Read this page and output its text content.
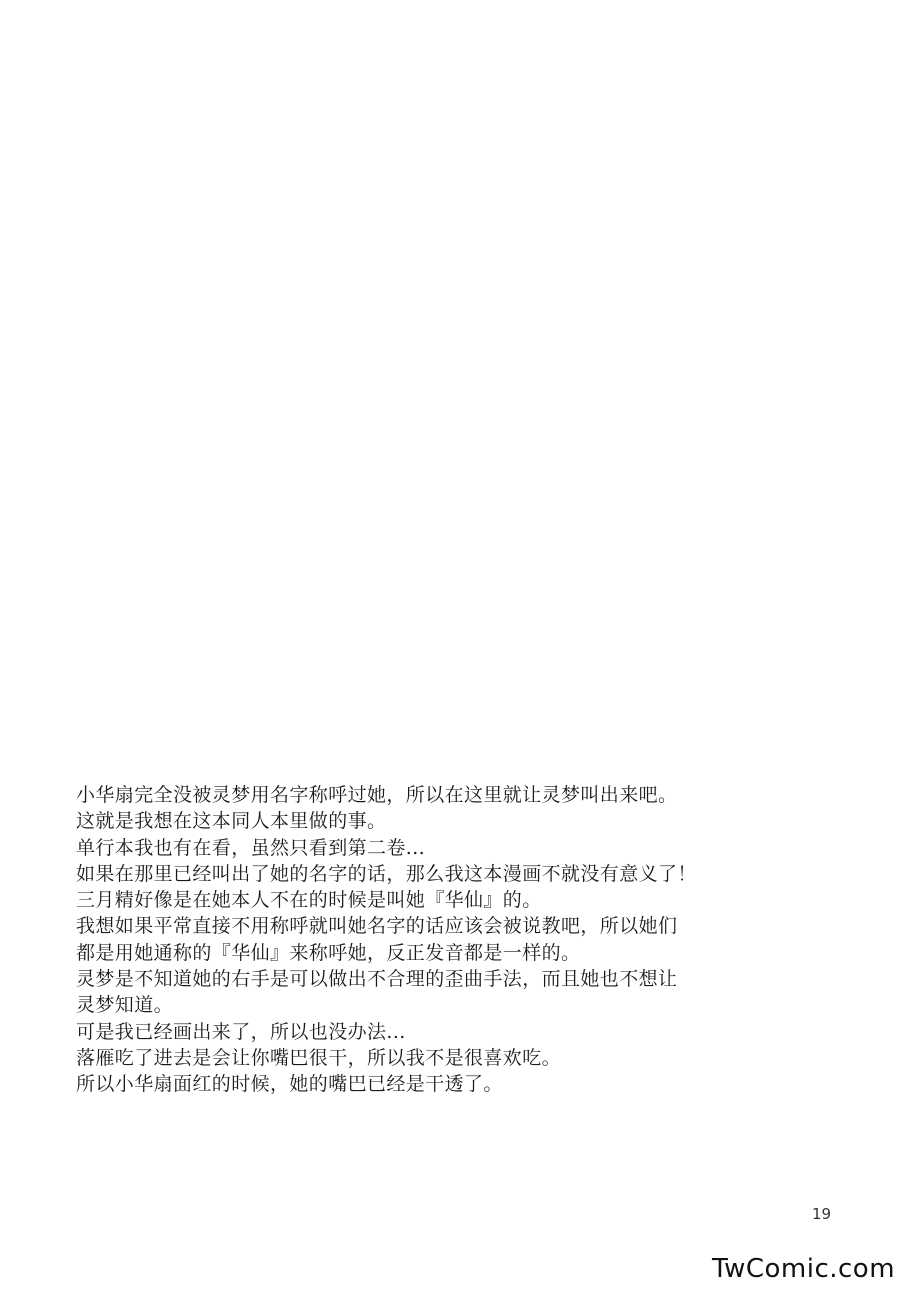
小华扇完全没被灵梦用名字称呼过她，所以在这里就让灵梦叫出来吧。
这就是我想在这本同人本里做的事。
单行本我也有在看，虽然只看到第二卷...
如果在那里已经叫出了她的名字的话，那么我这本漫画不就没有意义了！
三月精好像是在她本人不在的时候是叫她『华仙』的。
我想如果平常直接不用称呼就叫她名字的话应该会被说教吧，所以她们
都是用她通称的『华仙』来称呼她，反正发音都是一样的。
灵梦是不知道她的右手是可以做出不合理的歪曲手法，而且她也不想让
灵梦知道。
可是我已经画出来了，所以也没办法...
落雁吃了进去是会让你嘴巴很干，所以我不是很喜欢吃。
所以小华扇面红的时候，她的嘴巴已经是干透了。
19
TwComic.com
